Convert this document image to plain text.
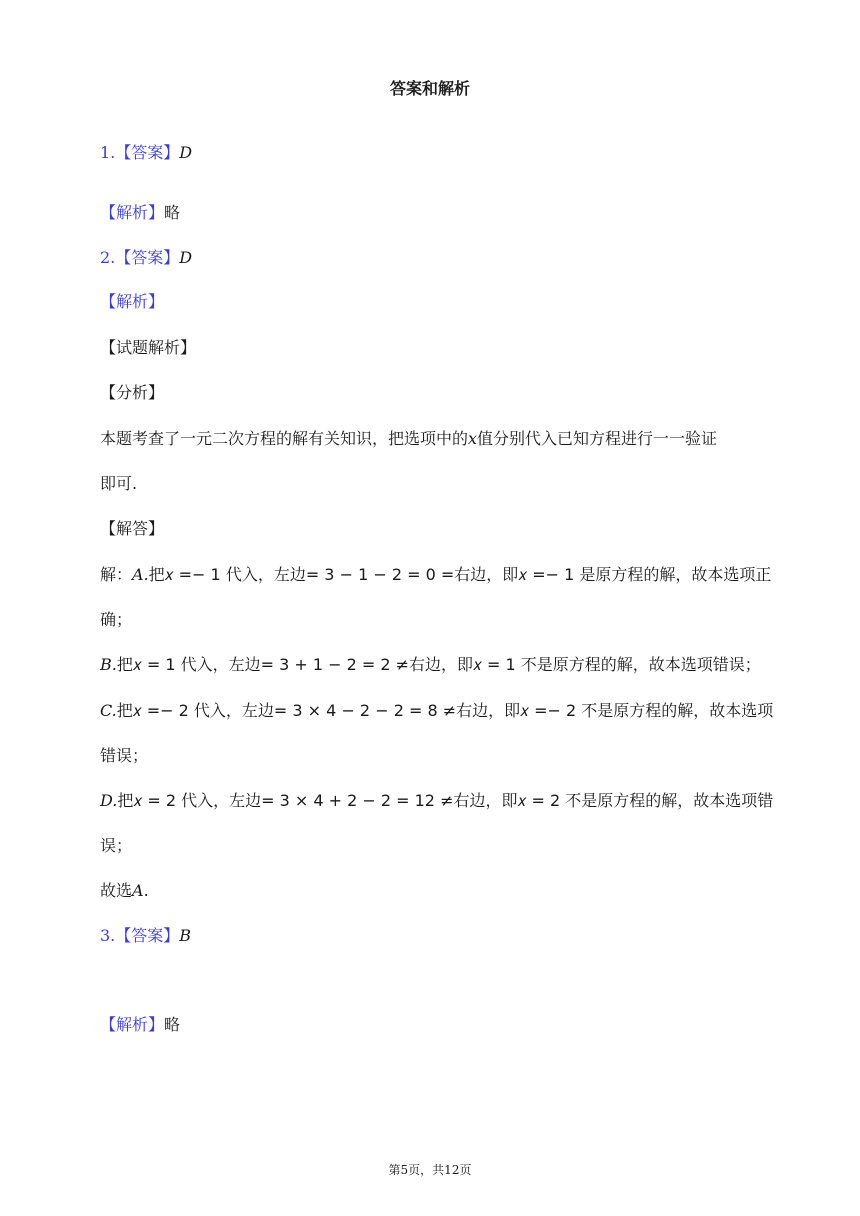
答案和解析
1.【答案】D
【解析】略
2.【答案】D
【解析】
【试题解析】
【分析】
本题考查了一元二次方程的解有关知识，把选项中的x值分别代入已知方程进行一一验证
即可.
【解答】
解：A.把𝑥 =− 1 代入，左边= 3 − 1 − 2 = 0 =右边，即𝑥 =− 1 是原方程的解，故本选项正
确；
B.把𝑥 = 1 代入，左边= 3 + 1 − 2 = 2 ≠右边，即𝑥 = 1 不是原方程的解，故本选项错误；
C.把𝑥 =− 2 代入，左边= 3 × 4 − 2 − 2 = 8 ≠右边，即𝑥 =− 2 不是原方程的解，故本选项
错误；
D.把𝑥 = 2 代入，左边= 3 × 4 + 2 − 2 = 12 ≠右边，即𝑥 = 2 不是原方程的解，故本选项错
误；
故选A.
3.【答案】B
【解析】略
第5页，共12页
